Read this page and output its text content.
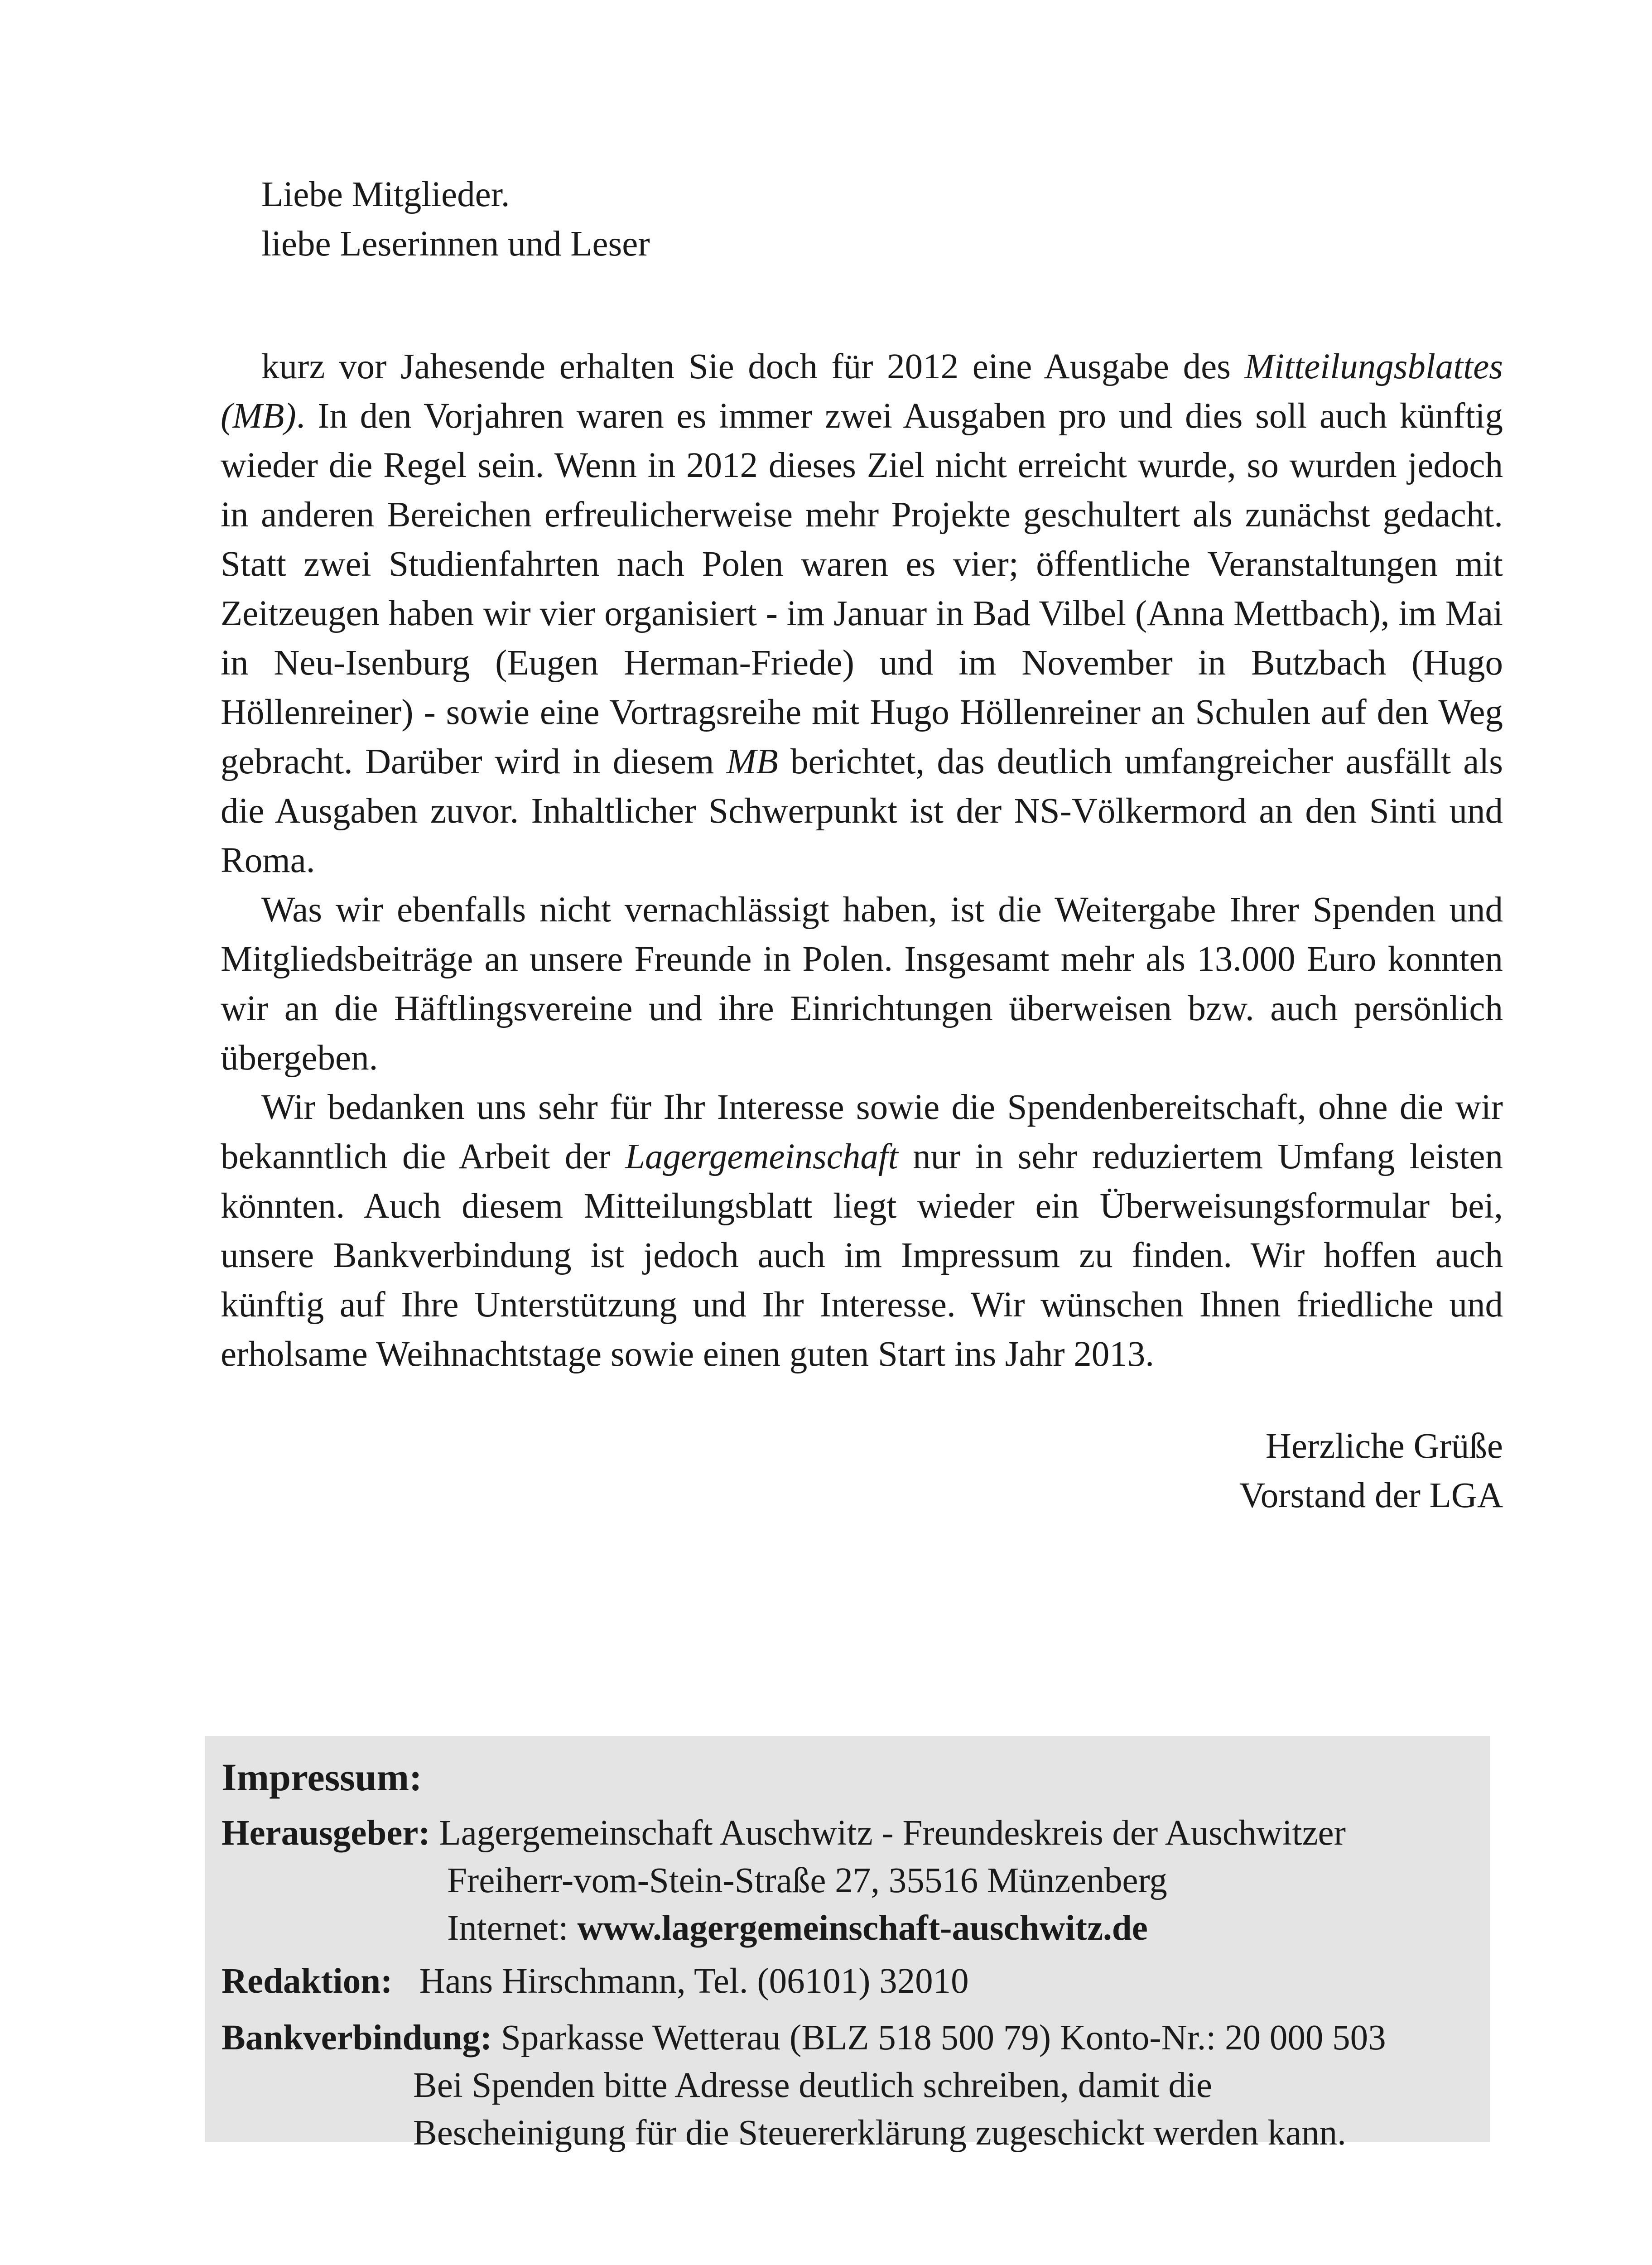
Liebe Mitglieder.

liebe Leserinnen und Leser

kurz vor Jahesende erhalten Sie doch für 2012 eine Ausgabe des Mitteilungsblattes (MB). In den Vorjahren waren es immer zwei Ausgaben pro und dies soll auch künftig wieder die Regel sein. Wenn in 2012 dieses Ziel nicht erreicht wurde, so wurden jedoch in anderen Bereichen erfreulicherweise mehr Projekte geschultert als zunächst gedacht. Statt zwei Studienfahrten nach Polen waren es vier; öffentliche Veranstaltungen mit Zeitzeugen haben wir vier organisiert - im Januar in Bad Vilbel (Anna Mettbach), im Mai in Neu-Isenburg (Eugen Herman-Friede) und im November in Butzbach (Hugo Höllenreiner) - sowie eine Vortragsreihe mit Hugo Höllenreiner an Schulen auf den Weg gebracht. Darüber wird in diesem MB berichtet, das deutlich umfangreicher ausfällt als die Ausgaben zuvor. Inhaltlicher Schwerpunkt ist der NS-Völkermord an den Sinti und Roma.

Was wir ebenfalls nicht vernachlässigt haben, ist die Weitergabe Ihrer Spenden und Mitgliedsbeiträge an unsere Freunde in Polen. Insgesamt mehr als 13.000 Euro konnten wir an die Häftlingsvereine und ihre Einrichtungen überweisen bzw. auch persönlich übergeben.

Wir bedanken uns sehr für Ihr Interesse sowie die Spendenbereitschaft, ohne die wir bekanntlich die Arbeit der Lagergemeinschaft nur in sehr reduziertem Umfang leisten könnten. Auch diesem Mitteilungsblatt liegt wieder ein Überweisungsformular bei, unsere Bankverbindung ist jedoch auch im Impressum zu finden. Wir hoffen auch künftig auf Ihre Unterstützung und Ihr Interesse. Wir wünschen Ihnen friedliche und erholsame Weihnachtstage sowie einen guten Start ins Jahr 2013.

Herzliche Grüße

Vorstand der LGA

Impressum:
Herausgeber: Lagergemeinschaft Auschwitz - Freundeskreis der Auschwitzer
Freiherr-vom-Stein-Straße 27, 35516 Münzenberg
Internet: www.lagergemeinschaft-auschwitz.de
Redaktion: Hans Hirschmann, Tel. (06101) 32010
Bankverbindung: Sparkasse Wetterau (BLZ 518 500 79) Konto-Nr.: 20 000 503
Bei Spenden bitte Adresse deutlich schreiben, damit die
Bescheinigung für die Steuererklärung zugeschickt werden kann.
